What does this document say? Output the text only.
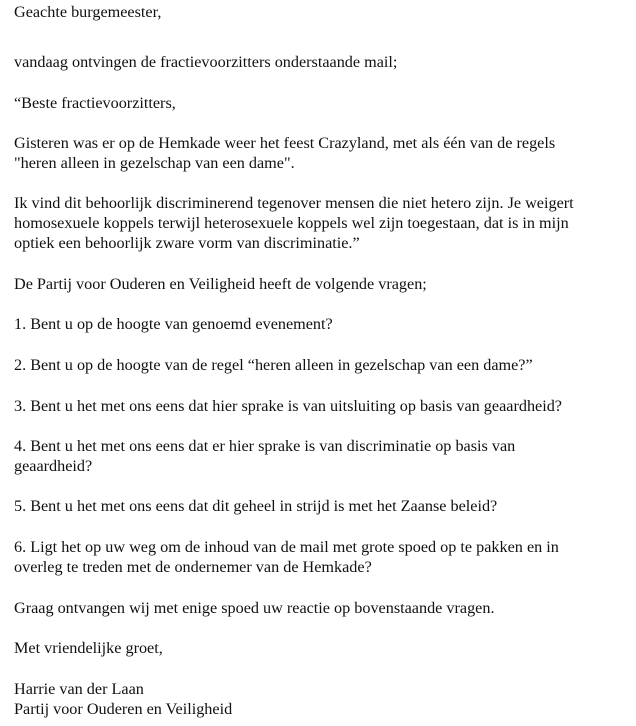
Geachte burgemeester,

vandaag ontvingen de fractievoorzitters onderstaande mail;

“Beste fractievoorzitters,

Gisteren was er op de Hemkade weer het feest Crazyland, met als één van de regels
"heren alleen in gezelschap van een dame".

Ik vind dit behoorlijk discriminerend tegenover mensen die niet hetero zijn. Je weigert
homosexuele koppels terwijl heterosexuele koppels wel zijn toegestaan, dat is in mijn
optiek een behoorlijk zware vorm van discriminatie.”

De Partij voor Ouderen en Veiligheid heeft de volgende vragen;

1. Bent u op de hoogte van genoemd evenement?

2. Bent u op de hoogte van de regel “heren alleen in gezelschap van een dame?”

3. Bent u het met ons eens dat hier sprake is van uitsluiting op basis van geaardheid?

4. Bent u het met ons eens dat er hier sprake is van discriminatie op basis van
geaardheid?

5. Bent u het met ons eens dat dit geheel in strijd is met het Zaanse beleid?

6. Ligt het op uw weg om de inhoud van de mail met grote spoed op te pakken en in
overleg te treden met de ondernemer van de Hemkade?

Graag ontvangen wij met enige spoed uw reactie op bovenstaande vragen.

Met vriendelijke groet,

Harrie van der Laan
Partij voor Ouderen en Veiligheid
